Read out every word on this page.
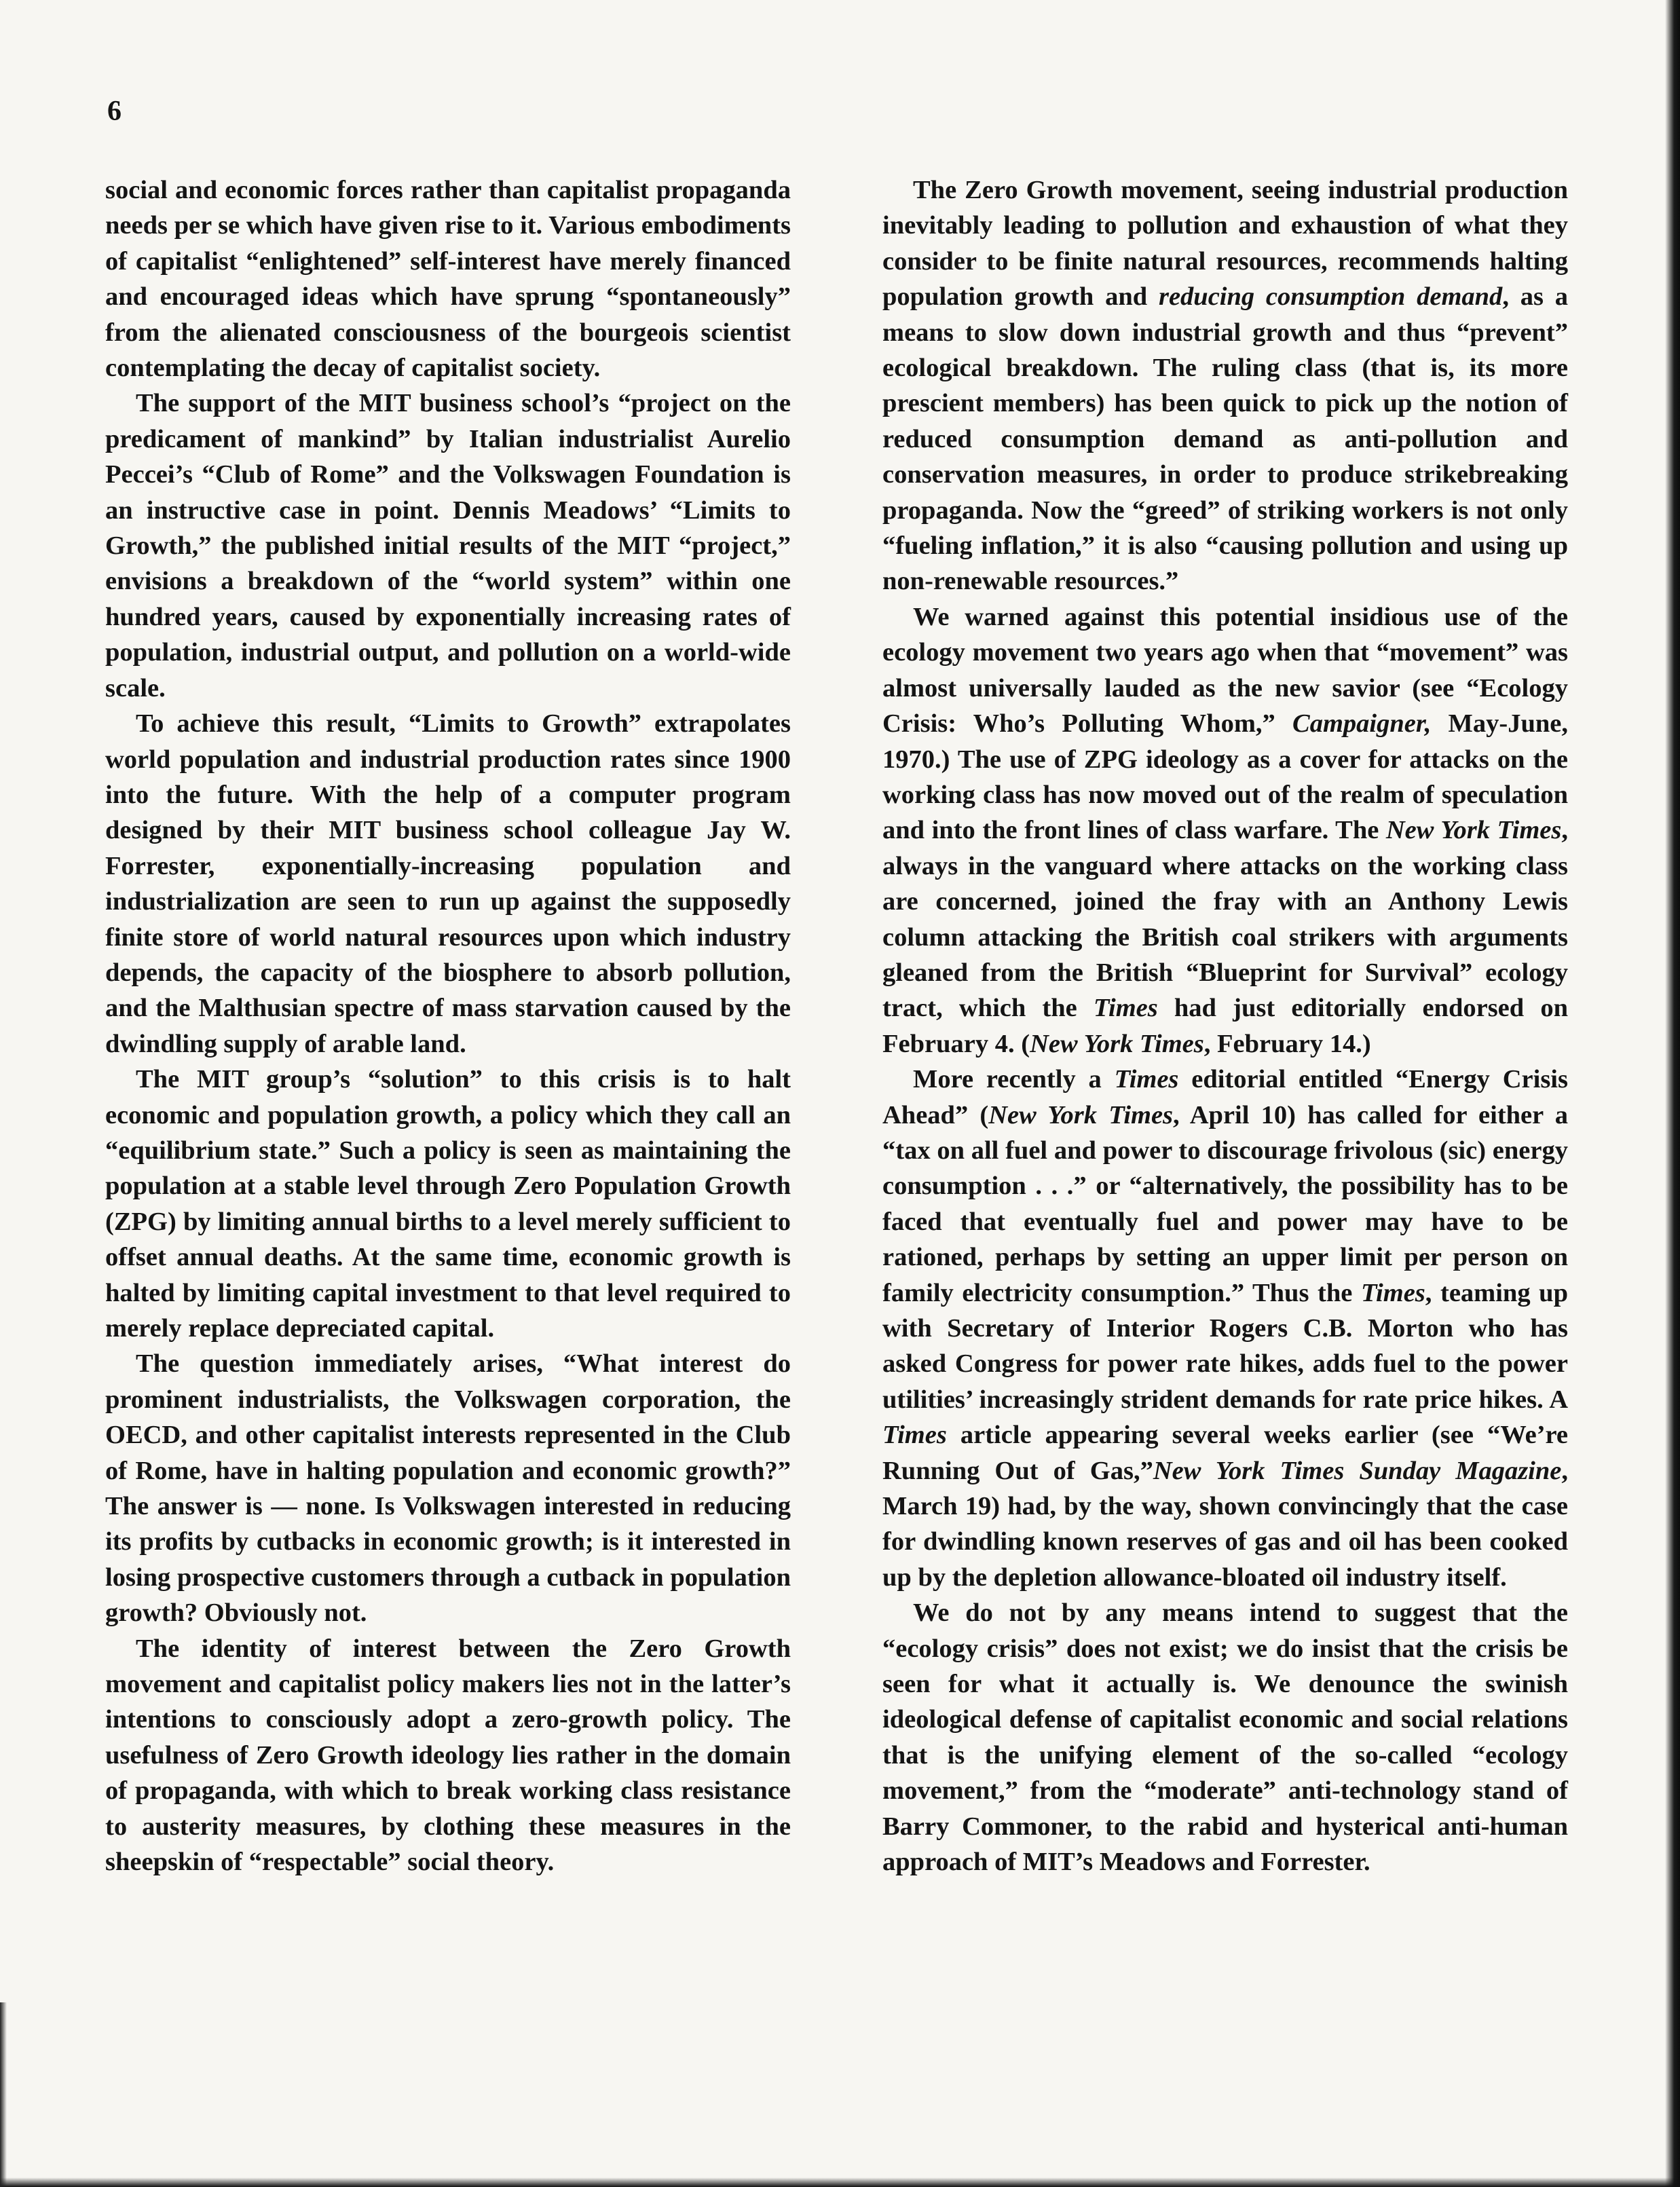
6

social and economic forces rather than capitalist propaganda needs per se which have given rise to it. Various embodiments of capitalist “enlightened” self-interest have merely financed and encouraged ideas which have sprung “spontaneously” from the alienated consciousness of the bourgeois scientist contemplating the decay of capitalist society.

The support of the MIT business school’s “project on the predicament of mankind” by Italian industrialist Aurelio Peccei’s “Club of Rome” and the Volkswagen Foundation is an instructive case in point. Dennis Meadows’ “Limits to Growth,” the published initial results of the MIT “project,” envisions a breakdown of the “world system” within one hundred years, caused by exponentially increasing rates of population, industrial output, and pollution on a world-wide scale.

To achieve this result, “Limits to Growth” extrapolates world population and industrial production rates since 1900 into the future. With the help of a computer program designed by their MIT business school colleague Jay W. Forrester, exponentially-increasing population and industrialization are seen to run up against the supposedly finite store of world natural resources upon which industry depends, the capacity of the biosphere to absorb pollution, and the Malthusian spectre of mass starvation caused by the dwindling supply of arable land.

The MIT group’s “solution” to this crisis is to halt economic and population growth, a policy which they call an “equilibrium state.” Such a policy is seen as maintaining the population at a stable level through Zero Population Growth (ZPG) by limiting annual births to a level merely sufficient to offset annual deaths. At the same time, economic growth is halted by limiting capital investment to that level required to merely replace depreciated capital.

The question immediately arises, “What interest do prominent industrialists, the Volkswagen corporation, the OECD, and other capitalist interests represented in the Club of Rome, have in halting population and economic growth?” The answer is — none. Is Volkswagen interested in reducing its profits by cutbacks in economic growth; is it interested in losing prospective customers through a cutback in population growth? Obviously not.

The identity of interest between the Zero Growth movement and capitalist policy makers lies not in the latter’s intentions to consciously adopt a zero-growth policy. The usefulness of Zero Growth ideology lies rather in the domain of propaganda, with which to break working class resistance to austerity measures, by clothing these measures in the sheepskin of “respectable” social theory.

The Zero Growth movement, seeing industrial production inevitably leading to pollution and exhaustion of what they consider to be finite natural resources, recommends halting population growth and reducing consumption demand, as a means to slow down industrial growth and thus “prevent” ecological breakdown. The ruling class (that is, its more prescient members) has been quick to pick up the notion of reduced consumption demand as anti-pollution and conservation measures, in order to produce strikebreaking propaganda. Now the “greed” of striking workers is not only “fueling inflation,” it is also “causing pollution and using up non-renewable resources.”

We warned against this potential insidious use of the ecology movement two years ago when that “movement” was almost universally lauded as the new savior (see “Ecology Crisis: Who’s Polluting Whom,” Campaigner, May-June, 1970.) The use of ZPG ideology as a cover for attacks on the working class has now moved out of the realm of speculation and into the front lines of class warfare. The New York Times, always in the vanguard where attacks on the working class are concerned, joined the fray with an Anthony Lewis column attacking the British coal strikers with arguments gleaned from the British “Blueprint for Survival” ecology tract, which the Times had just editorially endorsed on February 4. (New York Times, February 14.)

More recently a Times editorial entitled “Energy Crisis Ahead” (New York Times, April 10) has called for either a “tax on all fuel and power to discourage frivolous (sic) energy consumption . . .” or “alternatively, the possibility has to be faced that eventually fuel and power may have to be rationed, perhaps by setting an upper limit per person on family electricity consumption.” Thus the Times, teaming up with Secretary of Interior Rogers C.B. Morton who has asked Congress for power rate hikes, adds fuel to the power utilities’ increasingly strident demands for rate price hikes. A Times article appearing several weeks earlier (see “We’re Running Out of Gas,”New York Times Sunday Magazine, March 19) had, by the way, shown convincingly that the case for dwindling known reserves of gas and oil has been cooked up by the depletion allowance-bloated oil industry itself.

We do not by any means intend to suggest that the “ecology crisis” does not exist; we do insist that the crisis be seen for what it actually is. We denounce the swinish ideological defense of capitalist economic and social relations that is the unifying element of the so-called “ecology movement,” from the “moderate” anti-technology stand of Barry Commoner, to the rabid and hysterical anti-human approach of MIT’s Meadows and Forrester.
